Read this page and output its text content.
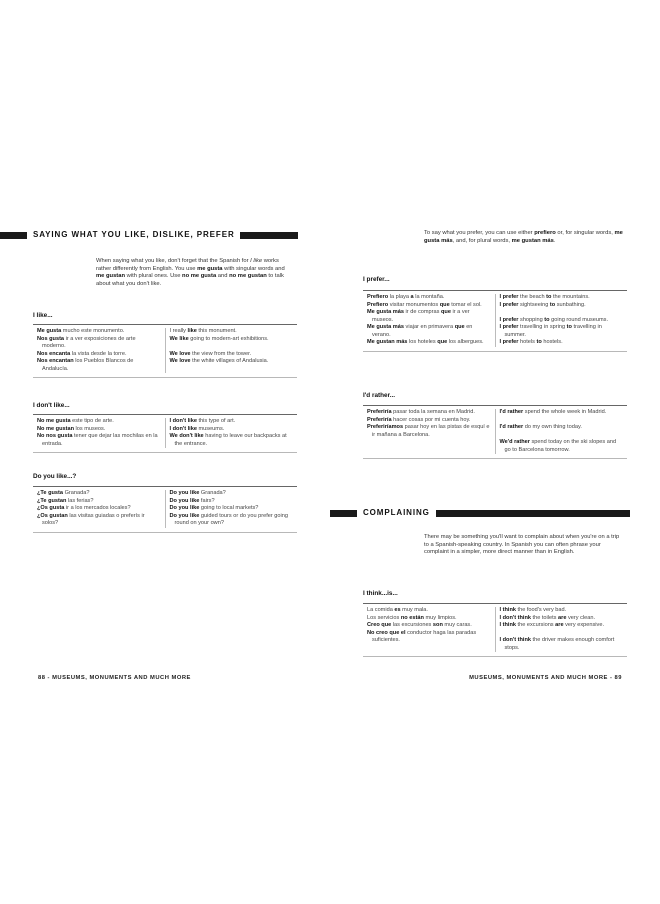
SAYING WHAT YOU LIKE, DISLIKE, PREFER
When saying what you like, don't forget that the Spanish for I like works rather differently from English. You use me gusta with singular words and me gustan with plural ones. Use no me gusta and no me gustan to talk about what you don't like.
I like...
Me gusta mucho este monumento.
Nos gusta ir a ver exposiciones de arte moderno.
Nos encanta la vista desde la torre.
Nos encantan los Pueblos Blancos de Andalucía.
I really like this monument.
We like going to modern-art exhibitions.

We love the view from the tower.
We love the white villages of Andalusia.
I don't like...
No me gusta este tipo de arte.
No me gustan los museos.
No nos gusta tener que dejar las mochilas en la entrada.
I don't like this type of art.
I don't like museums.
We don't like having to leave our backpacks at the entrance.
Do you like...?
¿Te gusta Granada?
¿Te gustan las ferias?
¿Os gusta ir a los mercados locales?
¿Os gustan las visitas guiadas o preferís ir solos?
Do you like Granada?
Do you like fairs?
Do you like going to local markets?
Do you like guided tours or do you prefer going round on your own?
88 - MUSEUMS, MONUMENTS AND MUCH MORE
To say what you prefer, you can use either prefiero or, for singular words, me gusta más, and, for plural words, me gustan más.
I prefer...
Prefiero la playa a la montaña.
Prefiero visitar monumentos que tomar el sol.
Me gusta más ir de compras que ir a ver museos.
Me gusta más viajar en primavera que en verano.
Me gustan más los hoteles que los albergues.
I prefer the beach to the mountains.
I prefer sightseeing to sunbathing.

I prefer shopping to going round museums.
I prefer travelling in spring to travelling in summer.
I prefer hotels to hostels.
I'd rather...
Preferiría pasar toda la semana en Madrid.
Preferiría hacer cosas por mi cuenta hoy.
Preferiríamos pasar hoy en las pistas de esquí e ir mañana a Barcelona.
I'd rather spend the whole week in Madrid.

I'd rather do my own thing today.

We'd rather spend today on the ski slopes and go to Barcelona tomorrow.
COMPLAINING
There may be something you'll want to complain about when you're on a trip to a Spanish-speaking country. In Spanish you can often phrase your complaint in a simpler, more direct manner than in English.
I think...is...
La comida es muy mala.
Los servicios no están muy limpios.
Creo que las excursiones son muy caras.
No creo que el conductor haga las paradas suficientes.
I think the food's very bad.
I don't think the toilets are very clean.
I think the excursions are very expensive.

I don't think the driver makes enough comfort stops.
MUSEUMS, MONUMENTS AND MUCH MORE - 89
